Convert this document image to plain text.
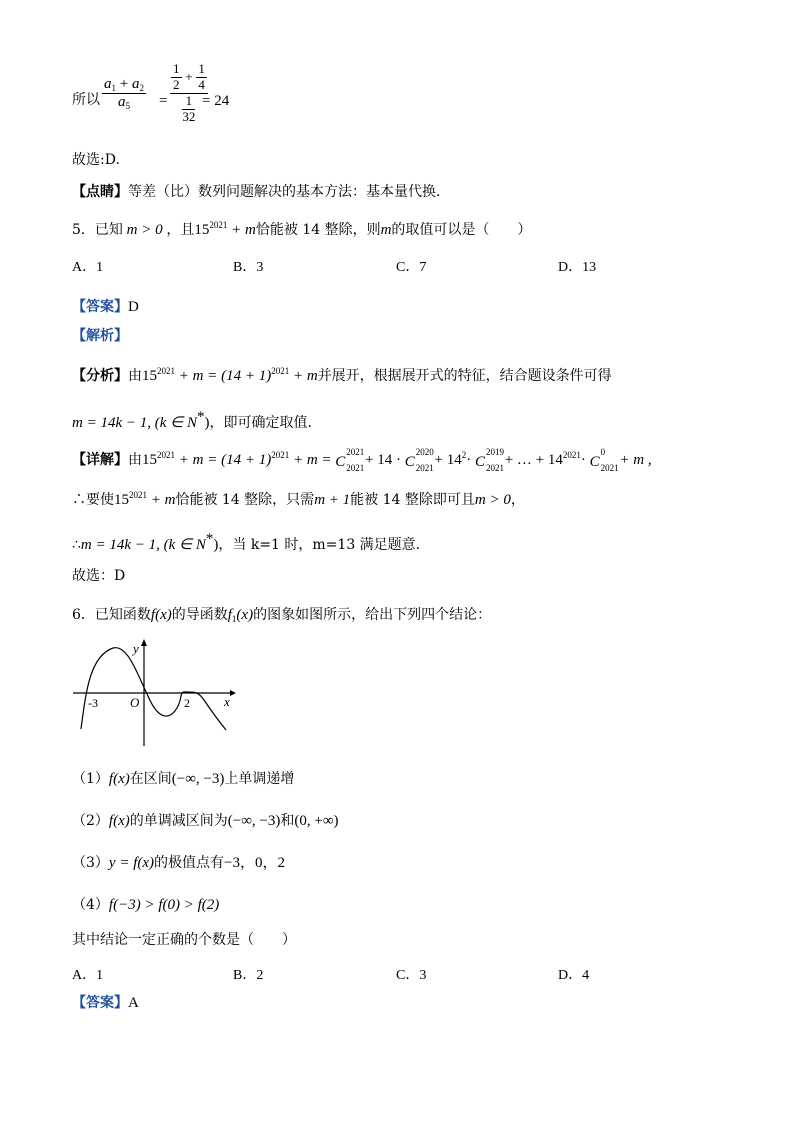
所以 $\frac{a_1 + a_2}{a_5} = \frac{\frac{1}{2} + \frac{1}{4}}{\frac{1}{32}}$
= 24
故选:D.
【点睛】等差（比）数列问题解决的基本方法：基本量代换．
5．已知 m > 0 ，且$15^{2021} + m$恰能被 14 整除，则m的取值可以是（　　）
A．1	B．3	C．7	D．13
【答案】D
【解析】
【分析】由$15^{2021} + m = (14 + 1)^{2021} + m$并展开，根据展开式的特征，结合题设条件可得
m = 14k − 1, (k ∈ N*)，即可确定取值.
【详解】由$15^{2021} + m = (14 + 1)^{2021} + m = C$
2021
2021 + 14 · C
2020
$2021 + 14^2\cdot C$
2019
2021 + … + $14^{2021}\cdot C$
0
2021 + m ,
∴要使$15^{2021} + m$恰能被 14 整除，只需m + 1能被 14 整除即可且m > 0，
∴m = 14k − 1, (k ∈ N*)，当 k=1 时，m=13 满足题意.
故选：D
6．已知函数f(x)的导函数$f_1(x)$的图象如图所示，给出下列四个结论：
y
x
O
-3	2
（1）f(x)在区间(−∞, −3)上单调递增
（2）f(x)的单调减区间为(−∞, −3)和(0, +∞)
（3）y = f(x)的极值点有−3，0，2
（4）f(−3) > f(0) > f(2)
其中结论一定正确的个数是（　　）
A．1	B．2	C．3	D．4
【答案】A
